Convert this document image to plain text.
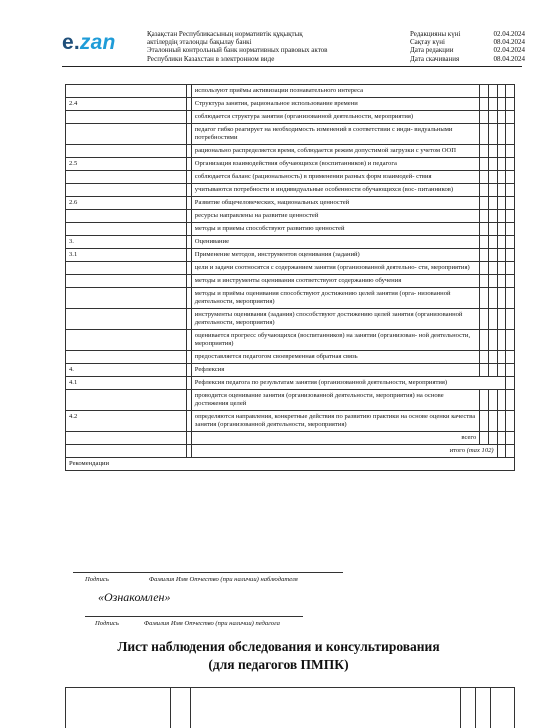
e.zan	Қазақстан Республикасының нормативтік құқықтық
актілердің эталонды бақылау банкі
Эталонный контрольный банк нормативных правовых актов
Республики Казахстан в электронном виде
Редакцияны күні	02.04.2024
Сақтау күні	08.04.2024
Дата редакции	02.04.2024
Дата скачивания	08.04.2024
		используют приёмы активизации познавательного интереса				
2.4		Структура занятия, рациональное использование времени				
		соблюдается структура занятия (организованной деятельности, мероприятия)				
		педагог гибко реагирует на необходимость изменений в соответствии с инди- видуальными потребностями				
		рационально распределяется время, соблюдается режим допустимой загрузки с учетом ООП				
2.5		Организация взаимодействия обучающихся (воспитанников) и педагога				
		соблюдается баланс (рациональность) в применении разных форм взаимодей- ствия				
		учитываются потребности и индивидуальные особенности обучающихся (вос- питанников)				
2.6		Развитие общечеловеческих, национальных ценностей				
		ресурсы направлены на развитие ценностей				
		методы и приемы способствуют развитию ценностей				
3.		Оценивание				
3.1		Применение методов, инструментов оценивания (заданий)				
		цели и задачи соотносятся с содержанием занятия (организованной деятельно- сти, мероприятия)				
		методы и инструменты оценивания соответствуют содержанию обучения				
		методы и приёмы оценивания способствуют достижению целей занятия (орга- низованной деятельности, мероприятия)				
		инструменты оценивания (задания) способствуют достижению целей занятия (организованной деятельности, мероприятия)				
		оценивается прогресс обучающихся (воспитанников) на занятии (организован- ной деятельности, мероприятия)				
		предоставляется педагогом своевременная обратная связь				
4.		Рефлексия				
4.1		Рефлексия педагога по результатам занятия (организованной деятельности, мероприятия)				
		проводится оценивание занятия (организованной деятельности, мероприятия) на основе достижения целей				
4.2		определяются направления, конкретные действия по развитию практики на основе оценки качества занятия (организованной деятельности, мероприятия)				
		всего				
		итого (max 102)				
Рекомендации						
Подпись	Фамилия Имя Отчество (при наличии) наблюдателя
«Ознакомлен»
Подпись	Фамилия Имя Отчество (при наличии) педагога
Лист наблюдения обследования и консультирования
(для педагогов ПМПК)
